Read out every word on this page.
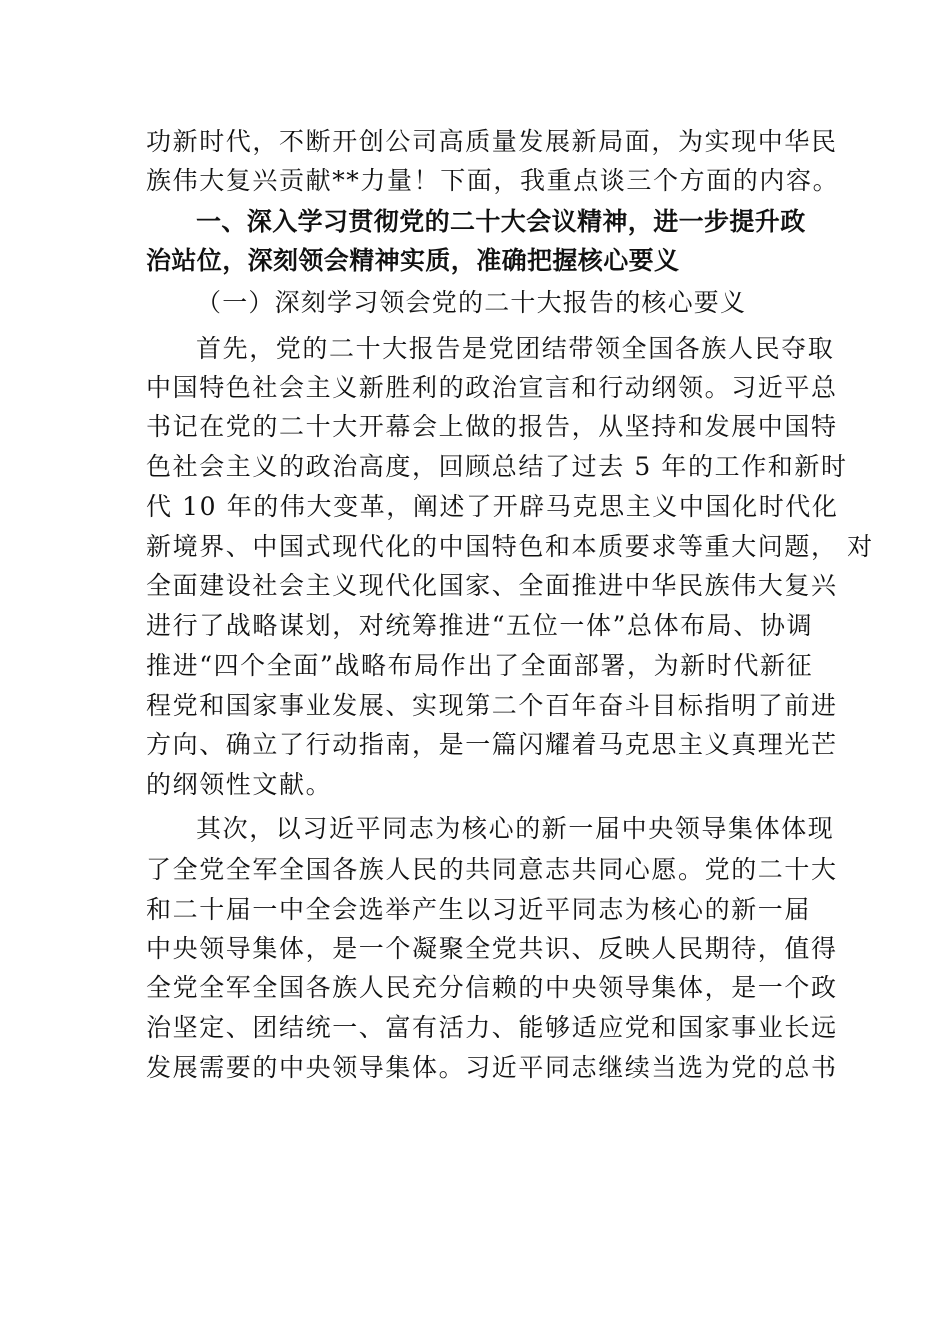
功新时代，不断开创公司高质量发展新局面，为实现中华民
族伟大复兴贡献**力量！下面，我重点谈三个方面的内容。
一、深入学习贯彻党的二十大会议精神，进一步提升政
治站位，深刻领会精神实质，准确把握核心要义
（一）深刻学习领会党的二十大报告的核心要义
首先，党的二十大报告是党团结带领全国各族人民夺取
中国特色社会主义新胜利的政治宣言和行动纲领。习近平总
书记在党的二十大开幕会上做的报告，从坚持和发展中国特
色社会主义的政治高度，回顾总结了过去 5 年的工作和新时
代 10 年的伟大变革，阐述了开辟马克思主义中国化时代化
新境界、中国式现代化的中国特色和本质要求等重大问题， 对
全面建设社会主义现代化国家、全面推进中华民族伟大复兴
进行了战略谋划，对统筹推进“五位一体”总体布局、协调
推进“四个全面”战略布局作出了全面部署，为新时代新征
程党和国家事业发展、实现第二个百年奋斗目标指明了前进
方向、确立了行动指南，是一篇闪耀着马克思主义真理光芒
的纲领性文献。
其次，以习近平同志为核心的新一届中央领导集体体现
了全党全军全国各族人民的共同意志共同心愿。党的二十大
和二十届一中全会选举产生以习近平同志为核心的新一届
中央领导集体，是一个凝聚全党共识、反映人民期待，值得
全党全军全国各族人民充分信赖的中央领导集体，是一个政
治坚定、团结统一、富有活力、能够适应党和国家事业长远
发展需要的中央领导集体。习近平同志继续当选为党的总书
